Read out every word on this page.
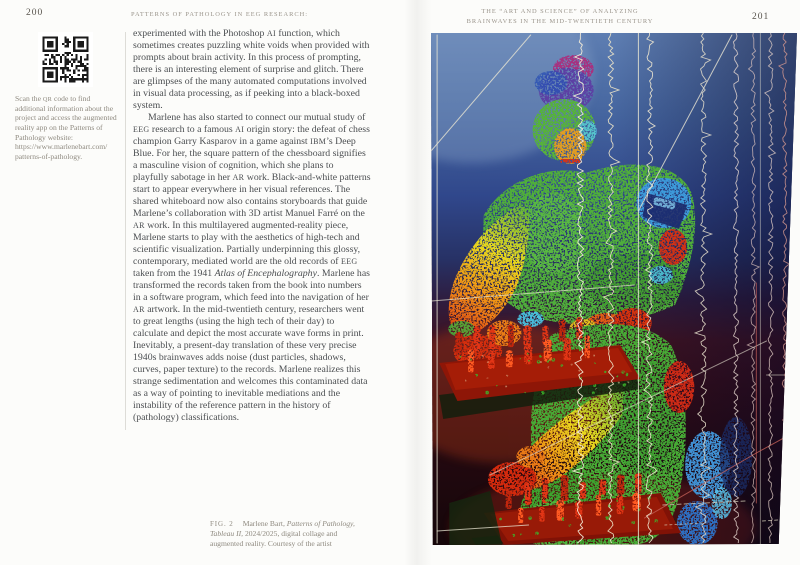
200	PATTERNS OF PATHOLOGY IN EEG RESEARCH:
Scan the QR code to find
additional information about the
project and access the augmented
reality app on the Patterns of
Pathology website:
https://www.marlenebart.com/
patterns-of-pathology.

experimented with the Photoshop AI function, which sometimes creates puzzling white voids when provided with prompts about brain activity. In this process of prompting, there is an interesting element of surprise and glitch. There are glimpses of the many automated computations involved in visual data processing, as if peeking into a black-boxed system.

Marlene has also started to connect our mutual study of EEG research to a famous AI origin story: the defeat of chess champion Garry Kasparov in a game against IBM’s Deep Blue. For her, the square pattern of the chessboard signifies a masculine vision of cognition, which she plans to playfully sabotage in her AR work. Black-and-white patterns start to appear everywhere in her visual references. The shared whiteboard now also contains storyboards that guide Marlene’s collaboration with 3D artist Manuel Farré on the AR work. In this multilayered augmented-reality piece, Marlene starts to play with the aesthetics of high-tech and scientific visualization. Partially underpinning this glossy, contemporary, mediated world are the old records of EEG taken from the 1941 Atlas of Encephalography. Marlene has transformed the records taken from the book into numbers in a software program, which feed into the navigation of her AR artwork. In the mid-twentieth century, researchers went to great lengths (using the high tech of their day) to calculate and depict the most accurate wave forms in print. Inevitably, a present-day translation of these very precise 1940s brainwaves adds noise (dust particles, shadows, curves, paper texture) to the records. Marlene realizes this strange sedimentation and welcomes this contaminated data as a way of pointing to inevitable mediations and the instability of the reference pattern in the history of (pathology) classifications.

FIG. 2 Marlene Bart, Patterns of Pathology, Tableau II, 2024/2025, digital collage and augmented reality. Courtesy of the artist
THE “ART AND SCIENCE” OF ANALYZING
BRAINWAVES IN THE MID-TWENTIETH CENTURY	201
